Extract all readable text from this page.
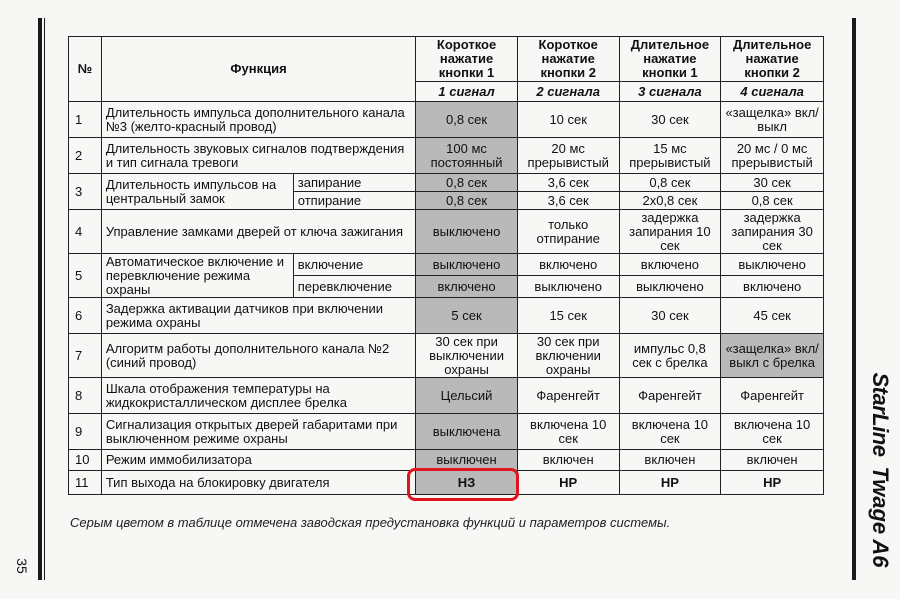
35
StarLineTwage A6
№	Функция		Короткое нажатие кнопки 1	Короткое нажатие кнопки 2	Длительное нажатие кнопки 1	Длительное нажатие кнопки 2
			1 сигнал	2 сигнала	3 сигнала	4 сигнала
1	Длительность импульса дополнительного канала №3 (желто-красный провод)		0,8 сек	10 сек	30 сек	«защелка» вкл/выкл
2	Длительность звуковых сигналов подтверждения и тип сигнала тревоги		100 мс постоянный	20 мс прерывистый	15 мс прерывистый	20 мс / 0 мс прерывистый
3	Длительность импульсов на центральный замок	запирание	0,8 сек	3,6 сек	0,8 сек	30 сек
		отпирание	0,8 сек	3,6 сек	2х0,8 сек	0,8 сек
4	Управление замками дверей от ключа зажигания		выключено	только отпирание	задержка запирания 10 сек	задержка запирания 30 сек
5	Автоматическое включение и перевключение режима охраны	включение	выключено	включено	включено	выключено
		перевключение	включено	выключено	выключено	включено
6	Задержка активации датчиков при включении режима охраны		5 сек	15 сек	30 сек	45 сек
7	Алгоритм работы дополнительного канала №2 (синий провод)		30 сек при выключении охраны	30 сек при включении охраны	импульс 0,8 сек с брелка	«защелка» вкл/выкл с брелка
8	Шкала отображения температуры на жидкокристаллическом дисплее брелка		Цельсий	Фаренгейт	Фаренгейт	Фаренгейт
9	Сигнализация открытых дверей габаритами при выключенном режиме охраны		выключена	включена 10 сек	включена 10 сек	включена 10 сек
10	Режим иммобилизатора		выключен	включен	включен	включен
11	Тип выхода на блокировку двигателя		НЗ	НР	НР	НР
Серым цветом в таблице отмечена заводская предустановка функций и параметров системы.
